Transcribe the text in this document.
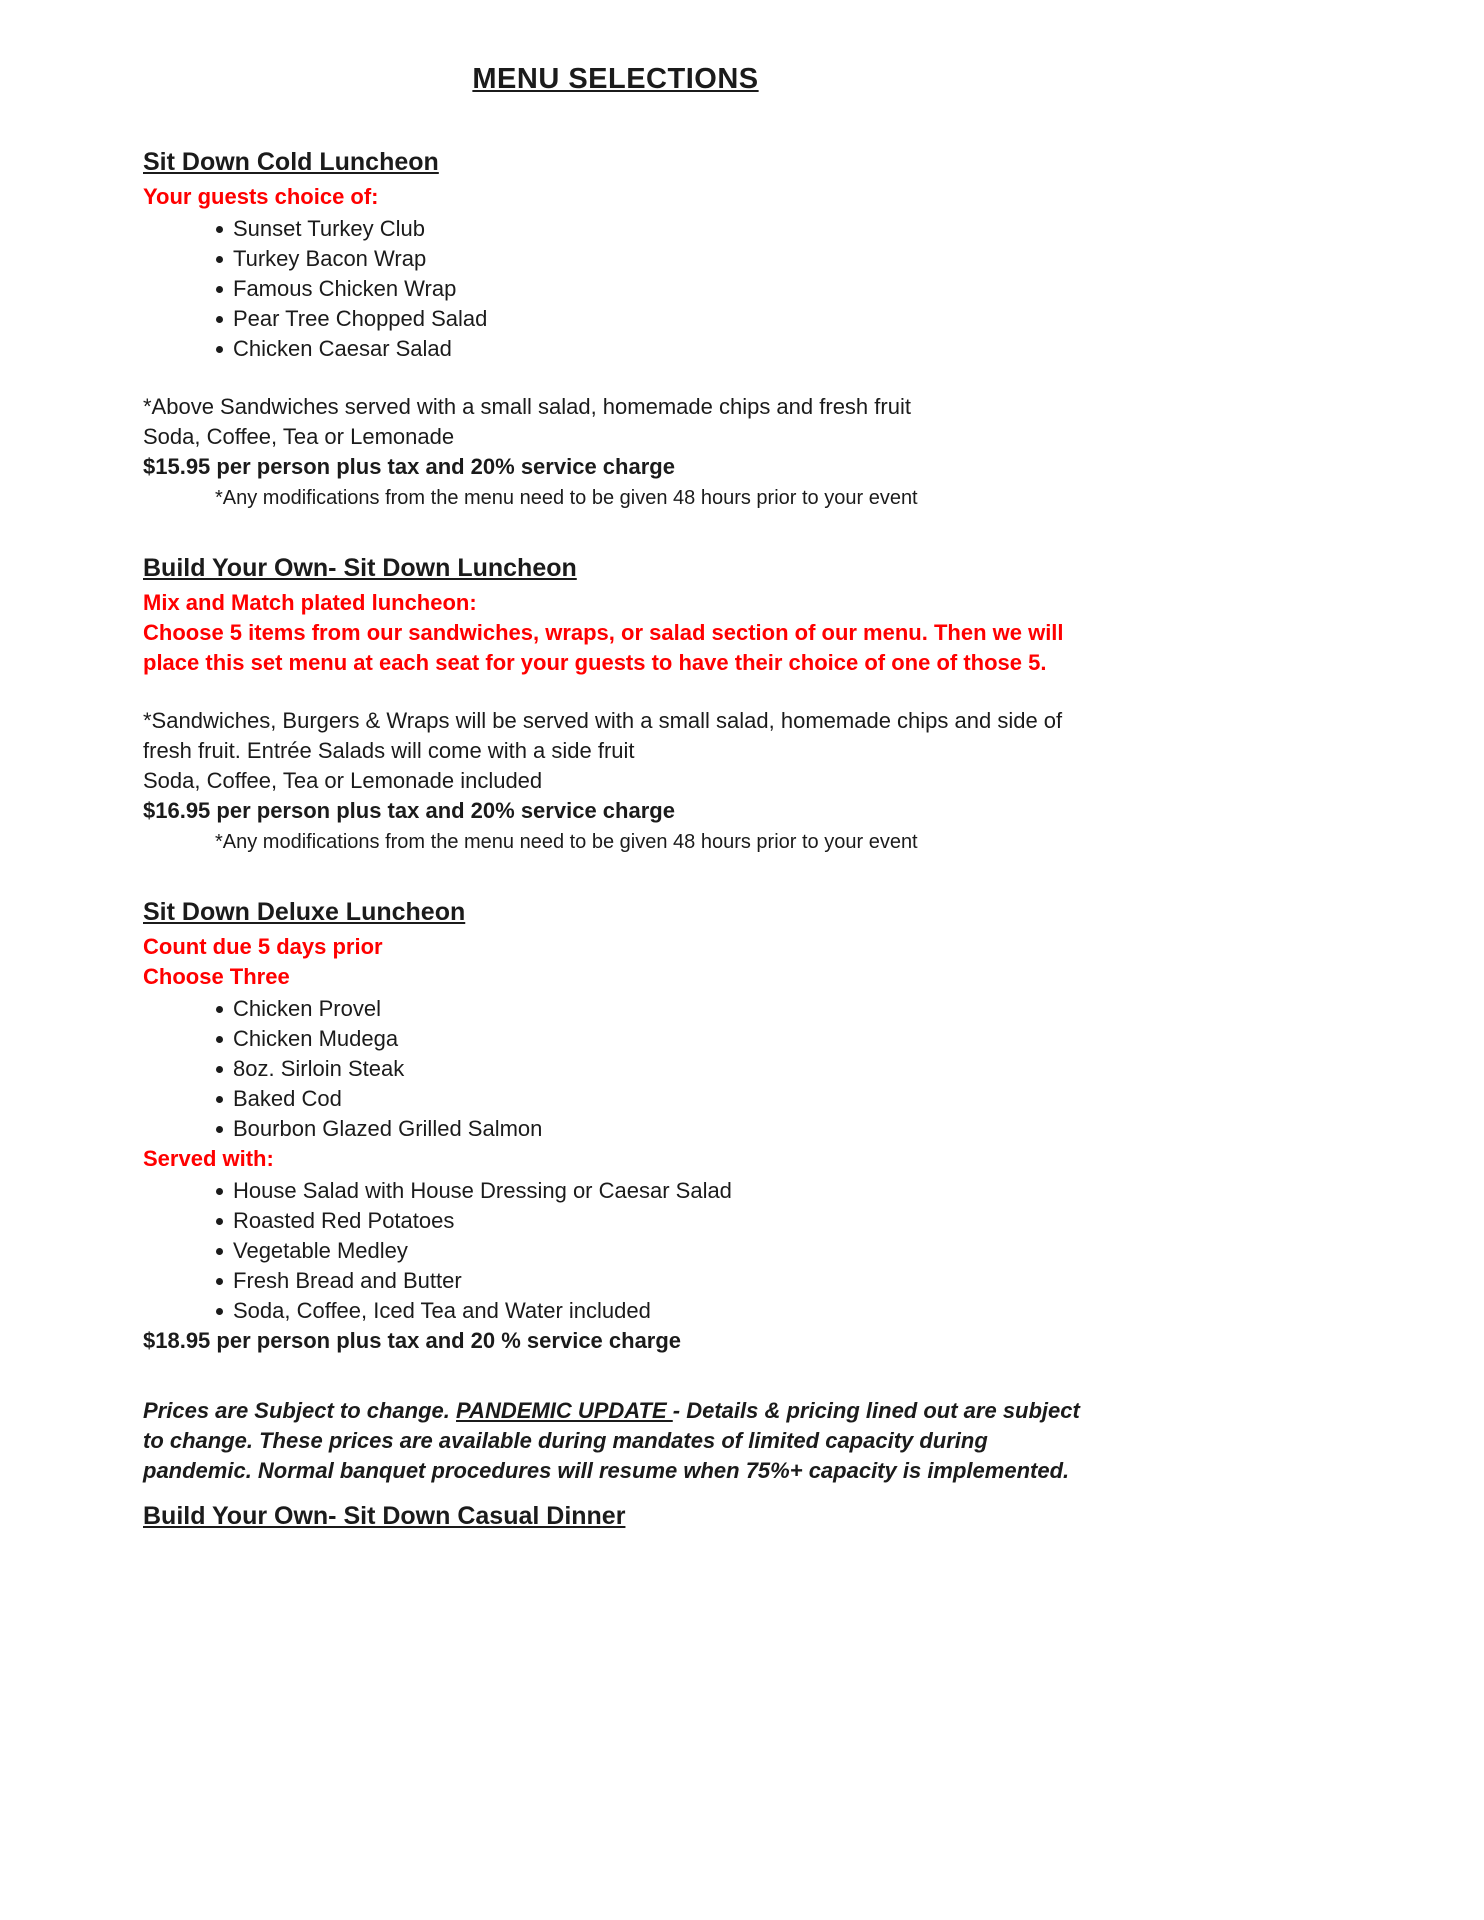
MENU SELECTIONS
Sit Down Cold Luncheon

Your guests choice of:

Sunset Turkey Club
Turkey Bacon Wrap
Famous Chicken Wrap
Pear Tree Chopped Salad
Chicken Caesar Salad

*Above Sandwiches served with a small salad, homemade chips and fresh fruit

Soda, Coffee, Tea or Lemonade

$15.95 per person plus tax and 20% service charge

*Any modifications from the menu need to be given 48 hours prior to your event

Build Your Own- Sit Down Luncheon

Mix and Match plated luncheon:

Choose 5 items from our sandwiches, wraps, or salad section of our menu. Then we will place this set menu at each seat for your guests to have their choice of one of those 5.

*Sandwiches, Burgers & Wraps will be served with a small salad, homemade chips and side of fresh fruit. Entrée Salads will come with a side fruit

Soda, Coffee, Tea or Lemonade included

$16.95 per person plus tax and 20% service charge

*Any modifications from the menu need to be given 48 hours prior to your event

Sit Down Deluxe Luncheon

Count due 5 days prior

Choose Three

Chicken Provel
Chicken Mudega
8oz. Sirloin Steak
Baked Cod
Bourbon Glazed Grilled Salmon

Served with:

House Salad with House Dressing or Caesar Salad
Roasted Red Potatoes
Vegetable Medley
Fresh Bread and Butter
Soda, Coffee, Iced Tea and Water included

$18.95 per person plus tax and 20 % service charge

Prices are Subject to change. PANDEMIC UPDATE - Details & pricing lined out are subject to change. These prices are available during mandates of limited capacity during pandemic. Normal banquet procedures will resume when 75%+ capacity is implemented.

Build Your Own- Sit Down Casual Dinner
